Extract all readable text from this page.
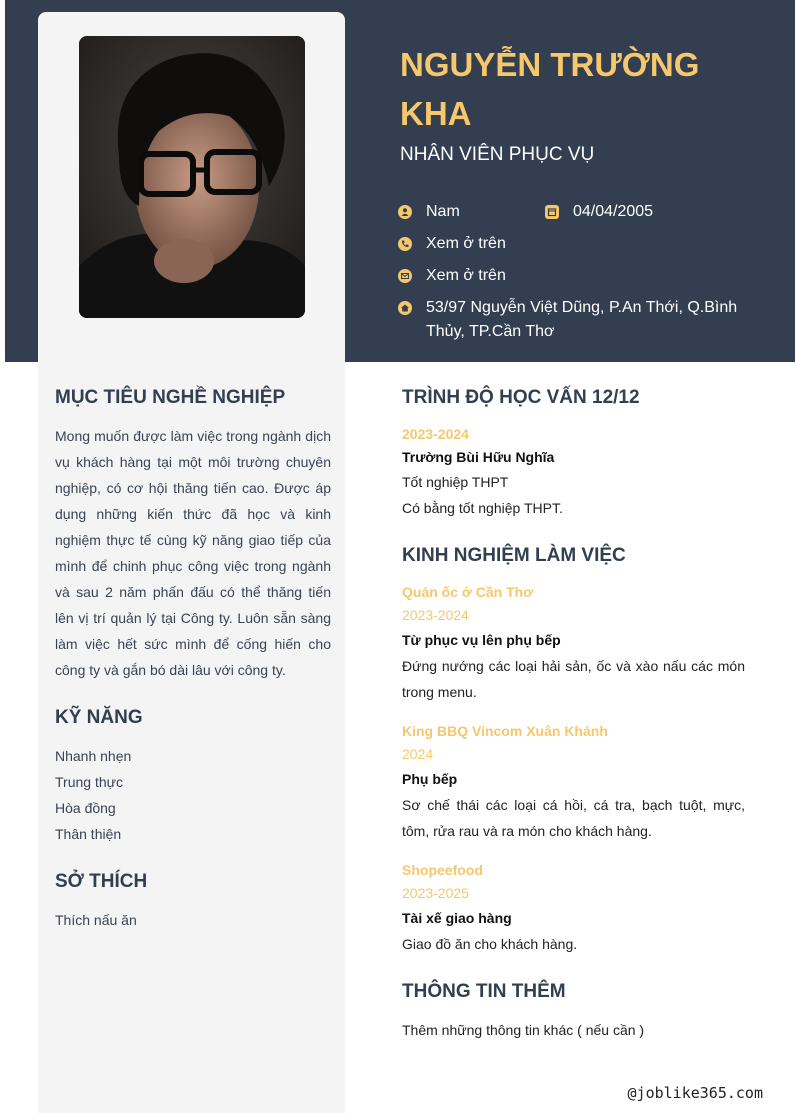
NGUYỄN TRƯỜNG KHA
NHÂN VIÊN PHỤC VỤ
Nam	04/04/2005
Xem ở trên
Xem ở trên
53/97 Nguyễn Việt Dũng, P.An Thới, Q.Bình Thủy, TP.Cần Thơ
MỤC TIÊU NGHỀ NGHIỆP
Mong muốn được làm việc trong ngành dịch vụ khách hàng tại một môi trường chuyên nghiệp, có cơ hội thăng tiến cao. Được áp dụng những kiến thức đã học và kinh nghiệm thực tế cùng kỹ năng giao tiếp của mình để chinh phục công việc trong ngành và sau 2 năm phấn đấu có thể thăng tiến lên vị trí quản lý tại Công ty. Luôn sẵn sàng làm việc hết sức mình để cống hiến cho công ty và gắn bó dài lâu với công ty.
KỸ NĂNG
Nhanh nhẹn
Trung thực
Hòa đồng
Thân thiện
SỞ THÍCH
Thích nấu ăn
TRÌNH ĐỘ HỌC VẤN 12/12
2023-2024
Trường Bùi Hữu Nghĩa
Tốt nghiệp THPT
Có bằng tốt nghiệp THPT.
KINH NGHIỆM LÀM VIỆC
Quán ốc ở Cần Thơ
2023-2024
Từ phục vụ lên phụ bếp
Đứng nướng các loại hải sản, ốc và xào nấu các món trong menu.
King BBQ Vincom Xuân Khánh
2024
Phụ bếp
Sơ chế thái các loại cá hồi, cá tra, bạch tuột, mực, tôm, rửa rau và ra món cho khách hàng.
Shopeefood
2023-2025
Tài xế giao hàng
Giao đồ ăn cho khách hàng.
THÔNG TIN THÊM
Thêm những thông tin khác ( nếu cần )
@joblike365.com
